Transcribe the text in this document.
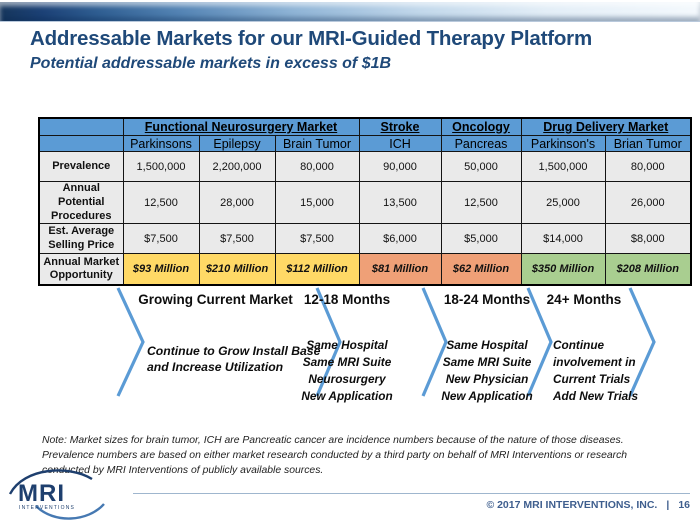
Addressable Markets for our MRI-Guided Therapy Platform
Potential addressable markets in excess of $1B
	Functional Neurosurgery Market			Stroke	Oncology	Drug Delivery Market	
	Parkinsons	Epilepsy	Brain Tumor	ICH	Pancreas	Parkinson's	Brian Tumor

Prevalence	1,500,000	2,200,000	80,000	90,000	50,000	1,500,000	80,000

Annual Potential
Procedures	12,500	28,000	15,000	13,500	12,500	25,000	26,000

Est. Average
Selling Price	$7,500	$7,500	$7,500	$6,000	$5,000	$14,000	$8,000

Annual Market
Opportunity	$93 Million	$210 Million	$112 Million	$81 Million	$62 Million	$350 Million	$208 Million
Growing Current Market
Continue to Grow Install Base
and Increase Utilization
12-18 Months
Same Hospital
Same MRI Suite
Neurosurgery
New Application
18-24 Months
Same Hospital
Same MRI Suite
New Physician
New Application
24+ Months
Continue
involvement in
Current Trials
Add New Trials
Note: Market sizes for brain tumor, ICH are Pancreatic cancer are incidence numbers because of the nature of those diseases. Prevalence numbers are based on either market research conducted by a third party on behalf of MRI Interventions or research conducted by MRI Interventions of publicly available sources.
MRI
INTERVENTIONS	© 2017 MRI INTERVENTIONS, INC. | 16
